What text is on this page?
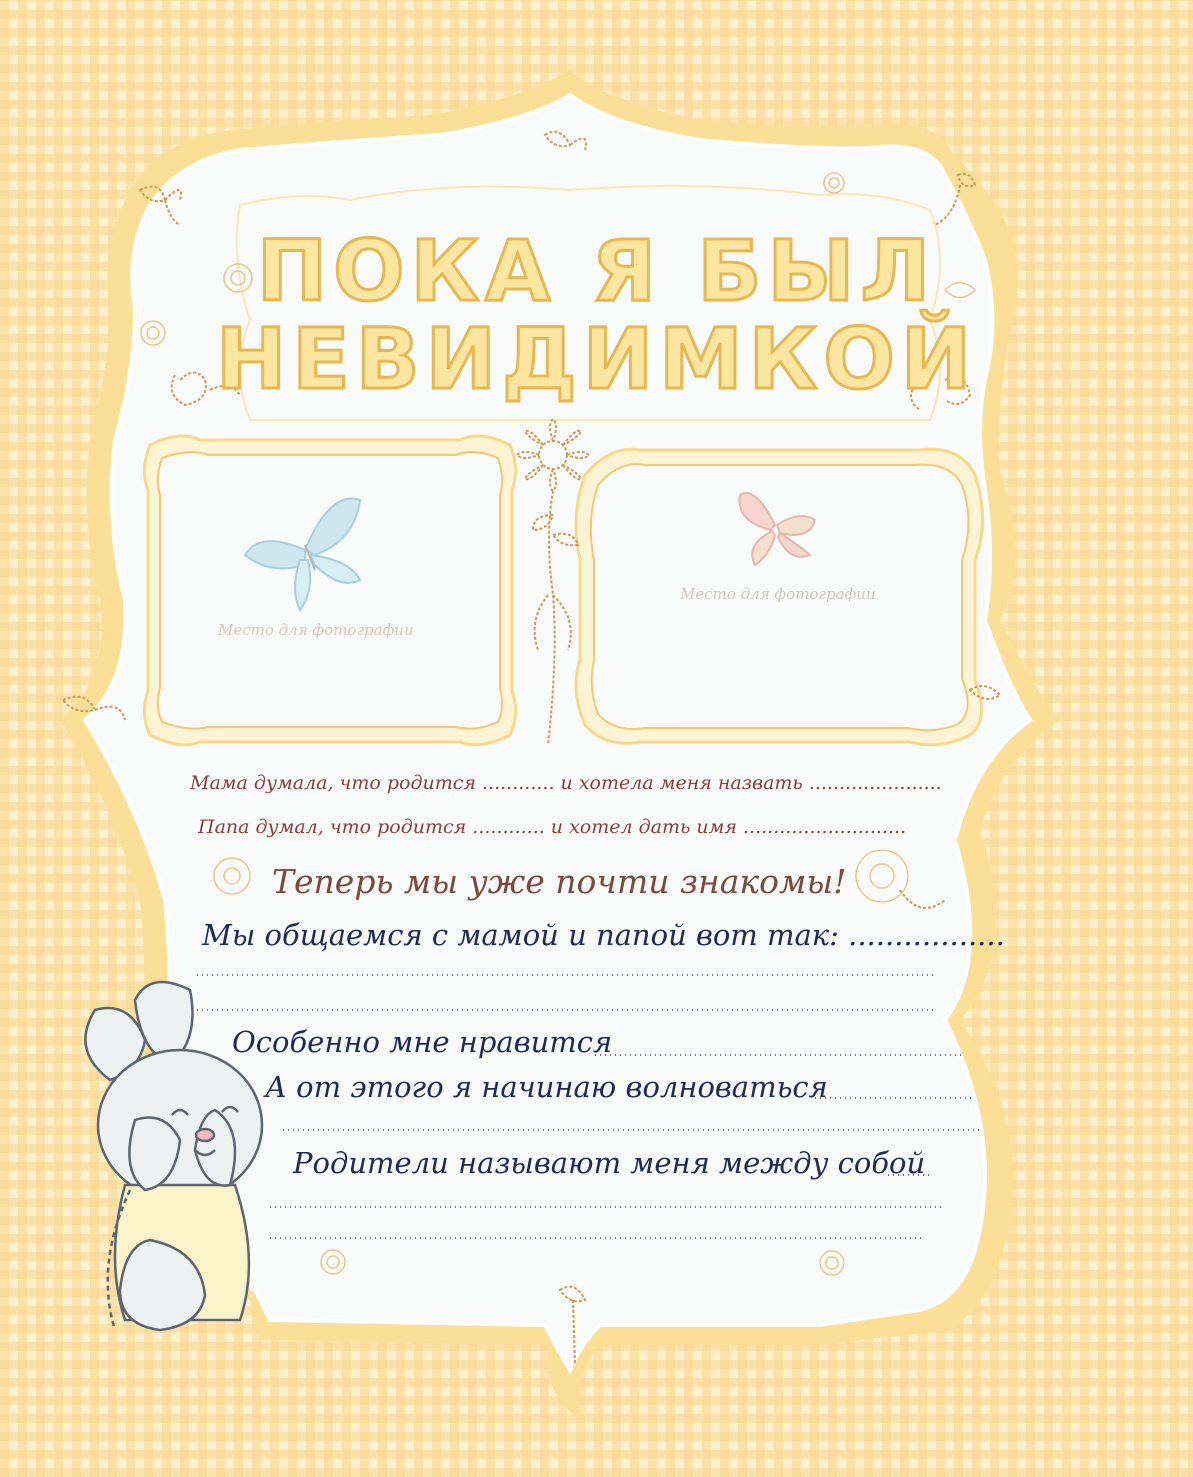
ПОКА Я БЫЛ
НЕВИДИМКОЙ
Место для фотографии
Место для фотографии
Мама думала, что родится ............ и хотела меня назвать ......................
Папа думал, что родится ............ и хотел дать имя ...........................
Теперь мы уже почти знакомы!
Мы общаемся с мамой и папой вот так: .................
Особенно мне нравится
А от этого я начинаю волноваться
Родители называют меня между собой
